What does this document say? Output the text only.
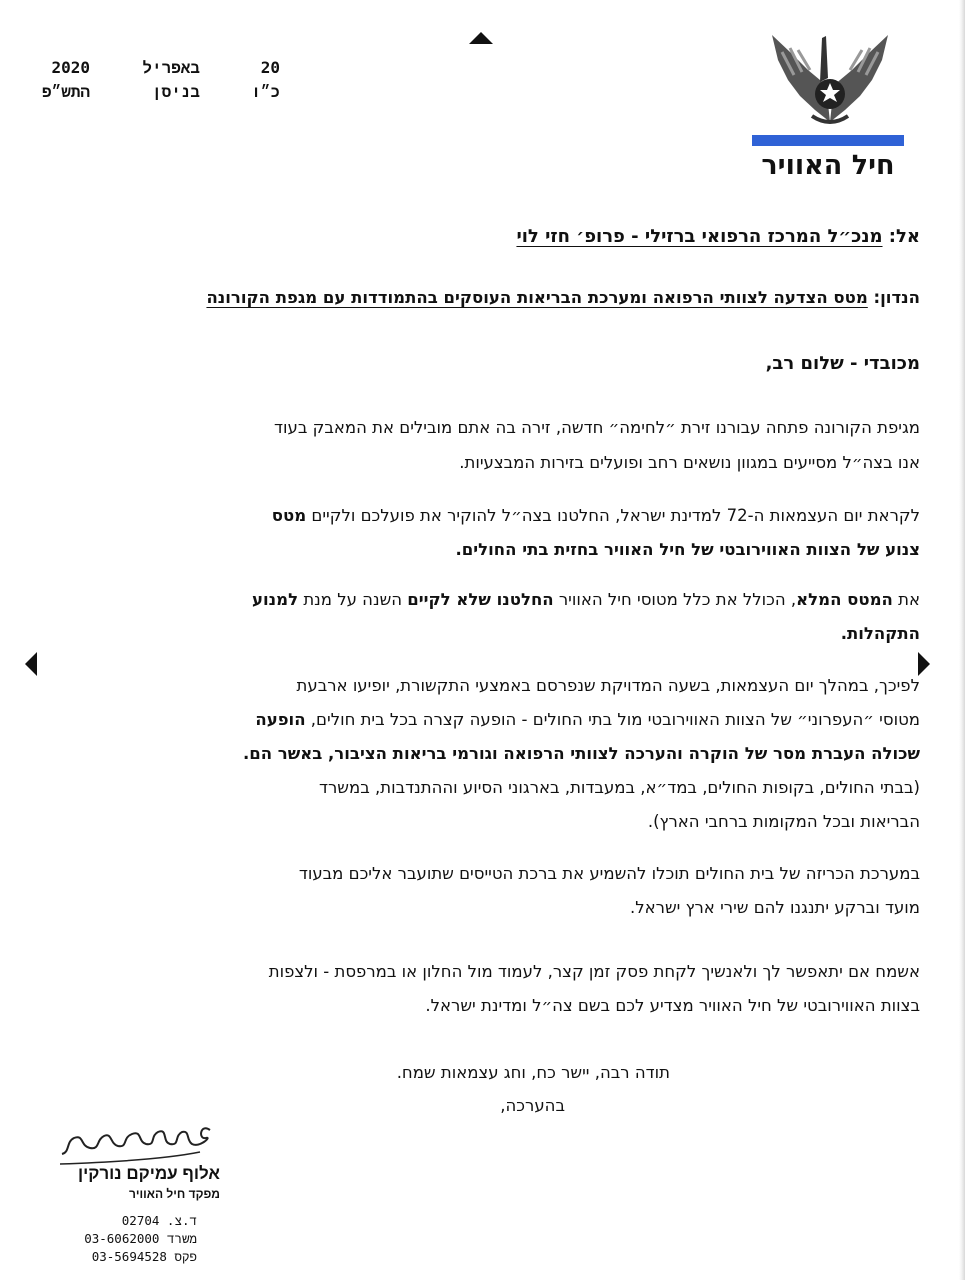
20
באפריל
2020
כ״ו
בניסן
התש״פ
חיל האוויר
אל: מנכ״ל המרכז הרפואי ברזילי - פרופ׳ חזי לוי
הנדון: מטס הצדעה לצוותי הרפואה ומערכת הבריאות העוסקים בהתמודדות עם מגפת הקורונה
מכובדי - שלום רב,
מגיפת הקורונה פתחה עבורנו זירת ״לחימה״ חדשה, זירה בה אתם מובילים את המאבק בעוד
אנו בצה״ל מסייעים במגוון נושאים רחב ופועלים בזירות המבצעיות.
לקראת יום העצמאות ה-72 למדינת ישראל, החלטנו בצה״ל להוקיר את פועלכם ולקיים מטס
צנוע של הצוות האווירובטי של חיל האוויר בחזית בתי החולים.
את המטס המלא, הכולל את כלל מטוסי חיל האוויר החלטנו שלא לקיים השנה על מנת למנוע
התקהלות.
לפיכך, במהלך יום העצמאות, בשעה המדויקת שנפרסם באמצעי התקשורת, יופיעו ארבעת
מטוסי ״העפרוני״ של הצוות האווירובטי מול בתי החולים - הופעה קצרה בכל בית חולים, הופעה
שכולה העברת מסר של הוקרה והערכה לצוותי הרפואה וגורמי בריאות הציבור, באשר הם.
(בבתי החולים, בקופות החולים, במד״א, במעבדות, בארגוני הסיוע וההתנדבות, במשרד
הבריאות ובכל המקומות ברחבי הארץ).
במערכת הכריזה של בית החולים תוכלו להשמיע את ברכת הטייסים שתועבר אליכם מבעוד
מועד וברקע יתנגנו להם שירי ארץ ישראל.
אשמח אם יתאפשר לך ולאנשיך לקחת פסק זמן קצר, לעמוד מול החלון או במרפסת - ולצפות
בצוות האווירובטי של חיל האוויר מצדיע לכם בשם צה״ל ומדינת ישראל.
תודה רבה, יישר כח, וחג עצמאות שמח.
בהערכה,
אלוף עמיקם נורקין
מפקד חיל האוויר
ד.צ. 02704
משרד 03-6062000
פקס 03-5694528
